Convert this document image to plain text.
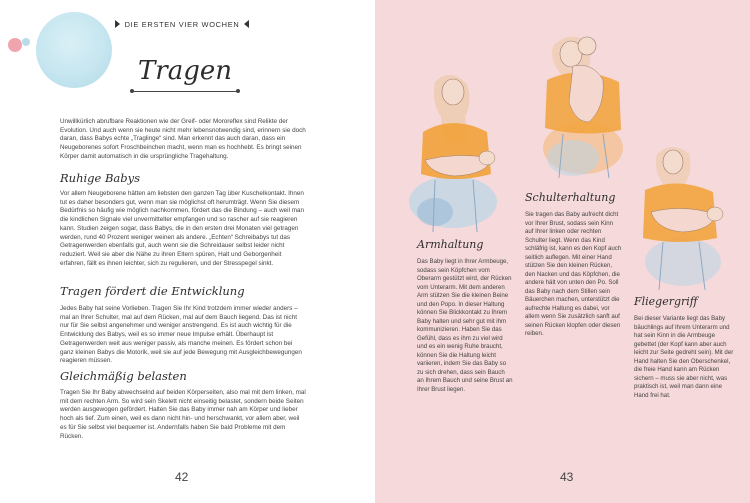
DIE ERSTEN VIER WOCHEN
Tragen

Unwillkürlich abrufbare Reaktionen wie der Greif- oder Mororeflex sind Relikte der Evolution. Und auch wenn sie heute nicht mehr lebensnotwendig sind, erinnern sie doch daran, dass Babys echte „Traglinge“ sind. Man erkennt das auch daran, dass ein Neugeborenes sofort Froschbeinchen macht, wenn man es hochhebt. Es bringt seinen Körper damit automatisch in die ursprüngliche Tragehaltung.

Ruhige Babys

Vor allem Neugeborene hätten am liebsten den ganzen Tag über Kuschelkontakt. Ihnen tut es daher besonders gut, wenn man sie möglichst oft herumträgt. Wenn Sie diesem Bedürfnis so häufig wie möglich nachkommen, fördert das die Bindung – auch weil man die kindlichen Signale viel unvermittelter empfangen und so rascher auf sie reagieren kann. Studien zeigen sogar, dass Babys, die in den ersten drei Monaten viel getragen werden, rund 40 Prozent weniger weinen als andere. „Echten“ Schreibabys tut das Getragenwerden ebenfalls gut, auch wenn sie die Schreidauer selbst leider nicht reduziert. Weil sie aber die Nähe zu ihren Eltern spüren, Halt und Geborgenheit erfahren, fällt es ihnen leichter, sich zu regulieren, und der Stresspegel sinkt.

Tragen fördert die Entwicklung

Jedes Baby hat seine Vorlieben. Tragen Sie Ihr Kind trotzdem immer wieder anders – mal an Ihrer Schulter, mal auf dem Rücken, mal auf dem Bauch liegend. Das ist nicht nur für Sie selbst angenehmer und weniger anstrengend. Es ist auch wichtig für die Entwicklung des Babys, weil es so immer neue Impulse erhält. Überhaupt ist Getragenwerden weit aus weniger passiv, als manche meinen. Es fördert schon bei ganz kleinen Babys die Motorik, weil sie auf jede Bewegung mit Ausgleichbewegungen reagieren müssen.

Gleichmäßig belasten

Tragen Sie Ihr Baby abwechselnd auf beiden Körperseiten, also mal mit dem linken, mal mit dem rechten Arm. So wird sein Skelett nicht einseitig belastet, sondern beide Seiten werden ausgewogen gefördert. Halten Sie das Baby immer nah am Körper und lieber hoch als tief. Zum einen, weil es dann nicht hin- und herschwankt, vor allem aber, weil es für Sie selbst viel bequemer ist. Andernfalls haben Sie bald Probleme mit dem Rücken.

42
Armhaltung

Das Baby liegt in Ihrer Armbeuge, sodass sein Köpfchen vom Oberarm gestützt wird, der Rücken vom Unterarm. Mit dem anderen Arm stützen Sie die kleinen Beine und den Popo. In dieser Haltung können Sie Blickkontakt zu Ihrem Baby halten und sehr gut mit ihm kommunizieren. Haben Sie das Gefühl, dass es ihm zu viel wird und es ein wenig Ruhe braucht, können Sie die Haltung leicht variieren, indem Sie das Baby so zu sich drehen, dass sein Bauch an Ihrem Bauch und seine Brust an Ihrer Brust liegen.

Schulterhaltung

Sie tragen das Baby aufrecht dicht vor Ihrer Brust, sodass sein Kinn auf Ihrer linken oder rechten Schulter liegt. Wenn das Kind schläfrig ist, kann es den Kopf auch seitlich auflegen. Mit einer Hand stützen Sie den kleinen Rücken, den Nacken und das Köpfchen, die andere hält von unten den Po. Soll das Baby nach dem Stillen sein Bäuerchen machen, unterstützt die aufrechte Haltung es dabei, vor allem wenn Sie zusätzlich sanft auf seinen Rücken klopfen oder diesen reiben.

Fliegergriff

Bei dieser Variante liegt das Baby bäuchlings auf Ihrem Unterarm und hat sein Kinn in die Armbeuge gebettet (der Kopf kann aber auch leicht zur Seite gedreht sein). Mit der Hand halten Sie den Oberschenkel, die freie Hand kann am Rücken sichern – muss sie aber nicht, was praktisch ist, weil man dann eine Hand frei hat.

43
